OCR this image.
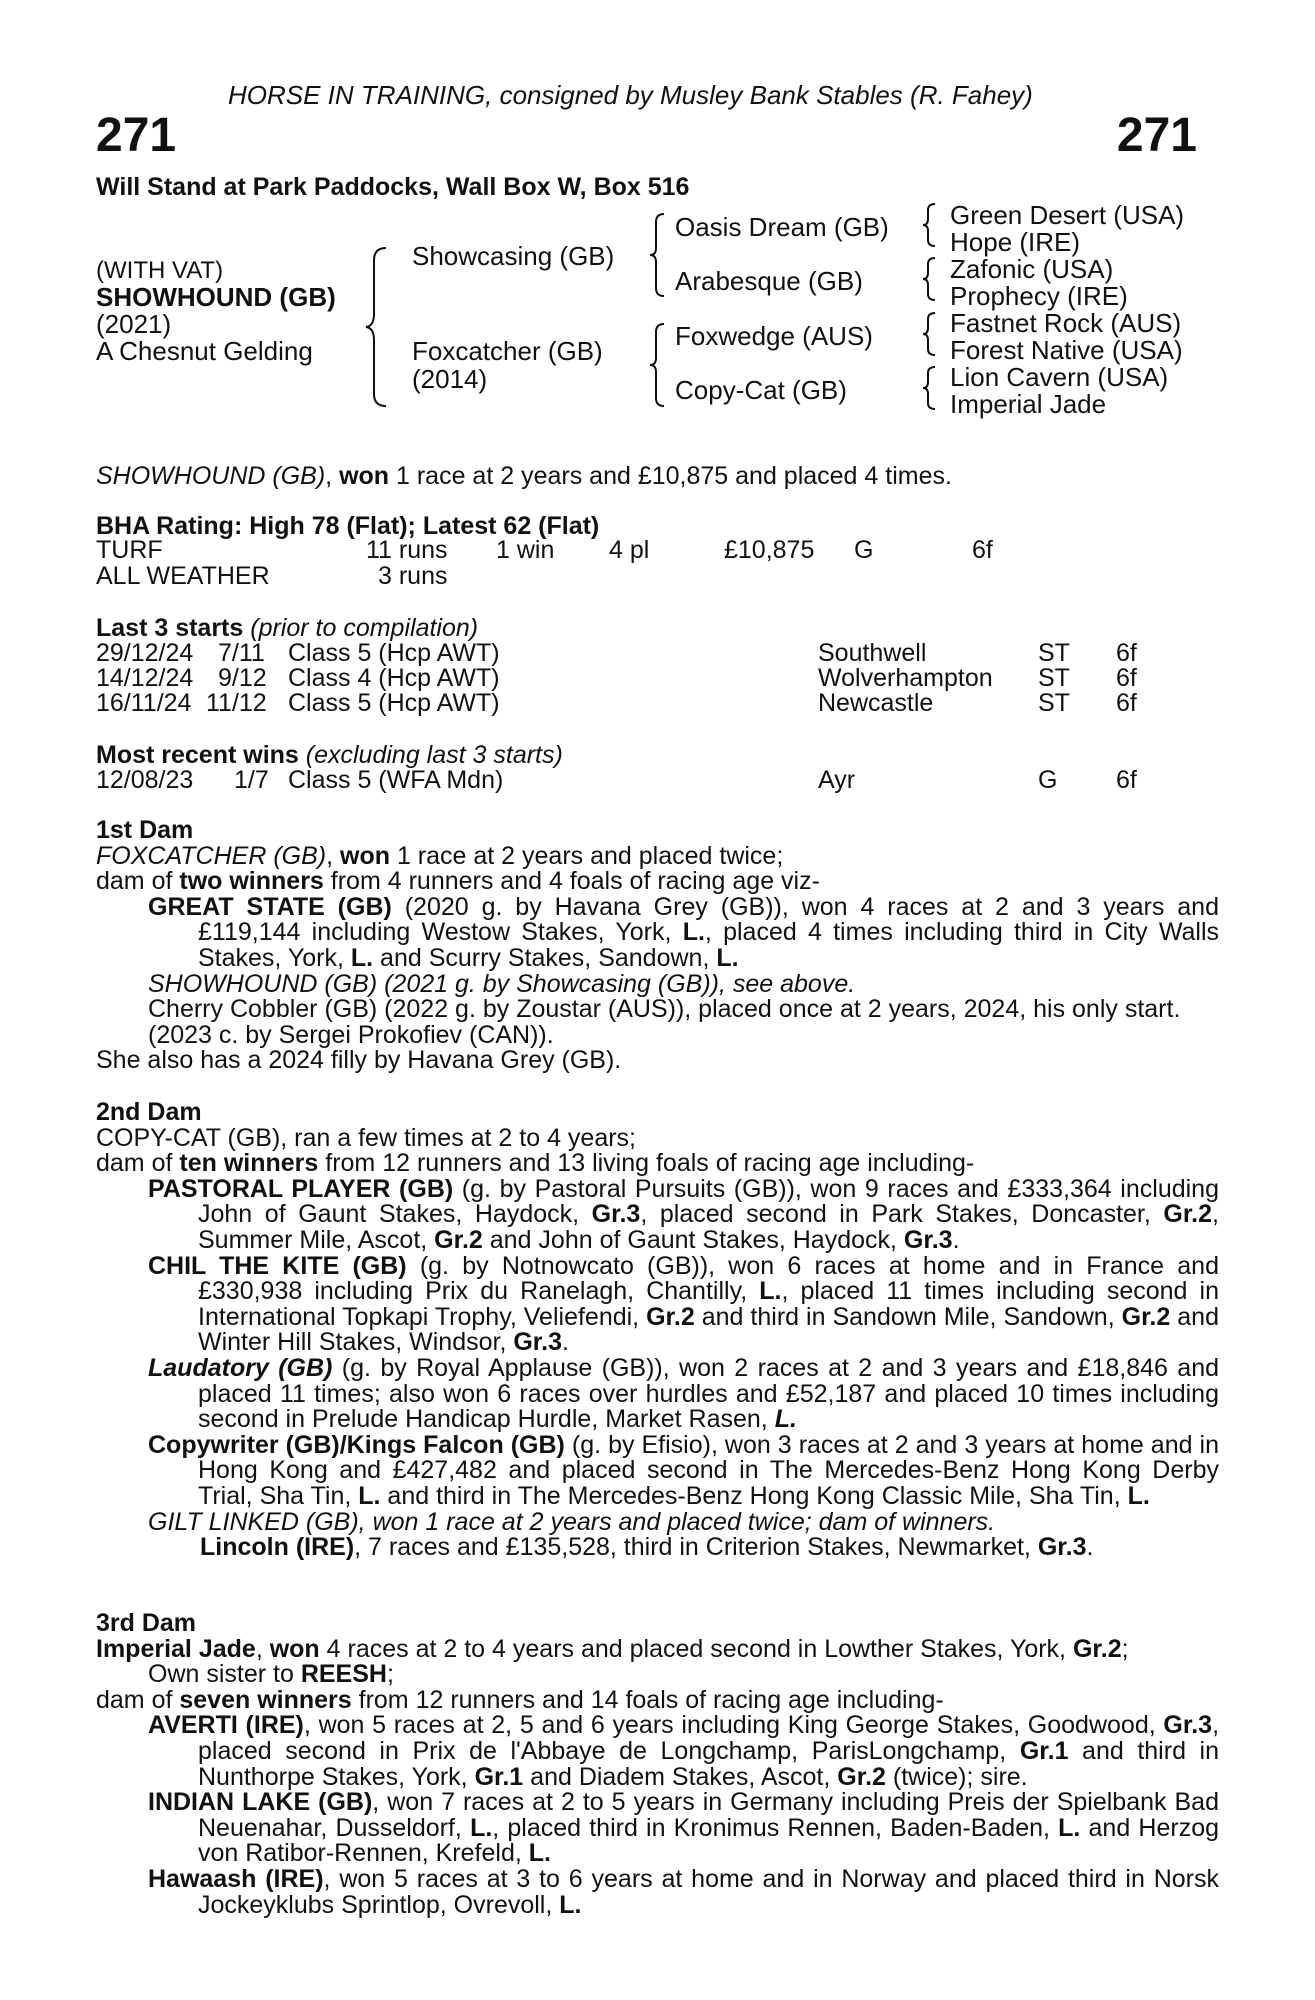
HORSE IN TRAINING, consigned by Musley Bank Stables (R. Fahey)
271	271
Will Stand at Park Paddocks, Wall Box W, Box 516
(WITH VAT)
SHOWHOUND (GB)
(2021)
A Chesnut Gelding
Showcasing (GB)
Foxcatcher (GB)
(2014)
Oasis Dream (GB)
Arabesque (GB)
Foxwedge (AUS)
Copy-Cat (GB)
Green Desert (USA)
Hope (IRE)
Zafonic (USA)
Prophecy (IRE)
Fastnet Rock (AUS)
Forest Native (USA)
Lion Cavern (USA)
Imperial Jade
SHOWHOUND (GB), won 1 race at 2 years and £10,875 and placed 4 times.
BHA Rating: High 78 (Flat); Latest 62 (Flat)
TURF	11 runs 1 win 4 pl	£10,875 G	6f
ALL WEATHER	3 runs
Last 3 starts (prior to compilation)
29/12/24 7/11 Class 5 (Hcp AWT)	Southwell	ST 6f
14/12/24 9/12 Class 4 (Hcp AWT)	Wolverhampton ST 6f
16/11/24 11/12 Class 5 (Hcp AWT)	Newcastle	ST 6f
Most recent wins (excluding last 3 starts)
12/08/23 1/7 Class 5 (WFA Mdn)	Ayr	G 6f
1st Dam
FOXCATCHER (GB), won 1 race at 2 years and placed twice;
dam of two winners from 4 runners and 4 foals of racing age viz-
GREAT STATE (GB) (2020 g. by Havana Grey (GB)), won 4 races at 2 and 3 years and £119,144 including Westow Stakes, York, L., placed 4 times including third in City Walls Stakes, York, L. and Scurry Stakes, Sandown, L.
SHOWHOUND (GB) (2021 g. by Showcasing (GB)), see above.
Cherry Cobbler (GB) (2022 g. by Zoustar (AUS)), placed once at 2 years, 2024, his only start.
(2023 c. by Sergei Prokofiev (CAN)).
She also has a 2024 filly by Havana Grey (GB).
2nd Dam
COPY-CAT (GB), ran a few times at 2 to 4 years;
dam of ten winners from 12 runners and 13 living foals of racing age including-
PASTORAL PLAYER (GB) (g. by Pastoral Pursuits (GB)), won 9 races and £333,364 including John of Gaunt Stakes, Haydock, Gr.3, placed second in Park Stakes, Doncaster, Gr.2, Summer Mile, Ascot, Gr.2 and John of Gaunt Stakes, Haydock, Gr.3.
CHIL THE KITE (GB) (g. by Notnowcato (GB)), won 6 races at home and in France and £330,938 including Prix du Ranelagh, Chantilly, L., placed 11 times including second in International Topkapi Trophy, Veliefendi, Gr.2 and third in Sandown Mile, Sandown, Gr.2 and Winter Hill Stakes, Windsor, Gr.3.
Laudatory (GB) (g. by Royal Applause (GB)), won 2 races at 2 and 3 years and £18,846 and placed 11 times; also won 6 races over hurdles and £52,187 and placed 10 times including second in Prelude Handicap Hurdle, Market Rasen, L.
Copywriter (GB)/Kings Falcon (GB) (g. by Efisio), won 3 races at 2 and 3 years at home and in Hong Kong and £427,482 and placed second in The Mercedes-Benz Hong Kong Derby Trial, Sha Tin, L. and third in The Mercedes-Benz Hong Kong Classic Mile, Sha Tin, L.
GILT LINKED (GB), won 1 race at 2 years and placed twice; dam of winners.
Lincoln (IRE), 7 races and £135,528, third in Criterion Stakes, Newmarket, Gr.3.
3rd Dam
Imperial Jade, won 4 races at 2 to 4 years and placed second in Lowther Stakes, York, Gr.2;
Own sister to REESH;
dam of seven winners from 12 runners and 14 foals of racing age including-
AVERTI (IRE), won 5 races at 2, 5 and 6 years including King George Stakes, Goodwood, Gr.3, placed second in Prix de l'Abbaye de Longchamp, ParisLongchamp, Gr.1 and third in Nunthorpe Stakes, York, Gr.1 and Diadem Stakes, Ascot, Gr.2 (twice); sire.
INDIAN LAKE (GB), won 7 races at 2 to 5 years in Germany including Preis der Spielbank Bad Neuenahar, Dusseldorf, L., placed third in Kronimus Rennen, Baden-Baden, L. and Herzog von Ratibor-Rennen, Krefeld, L.
Hawaash (IRE), won 5 races at 3 to 6 years at home and in Norway and placed third in Norsk Jockeyklubs Sprintlop, Ovrevoll, L.
